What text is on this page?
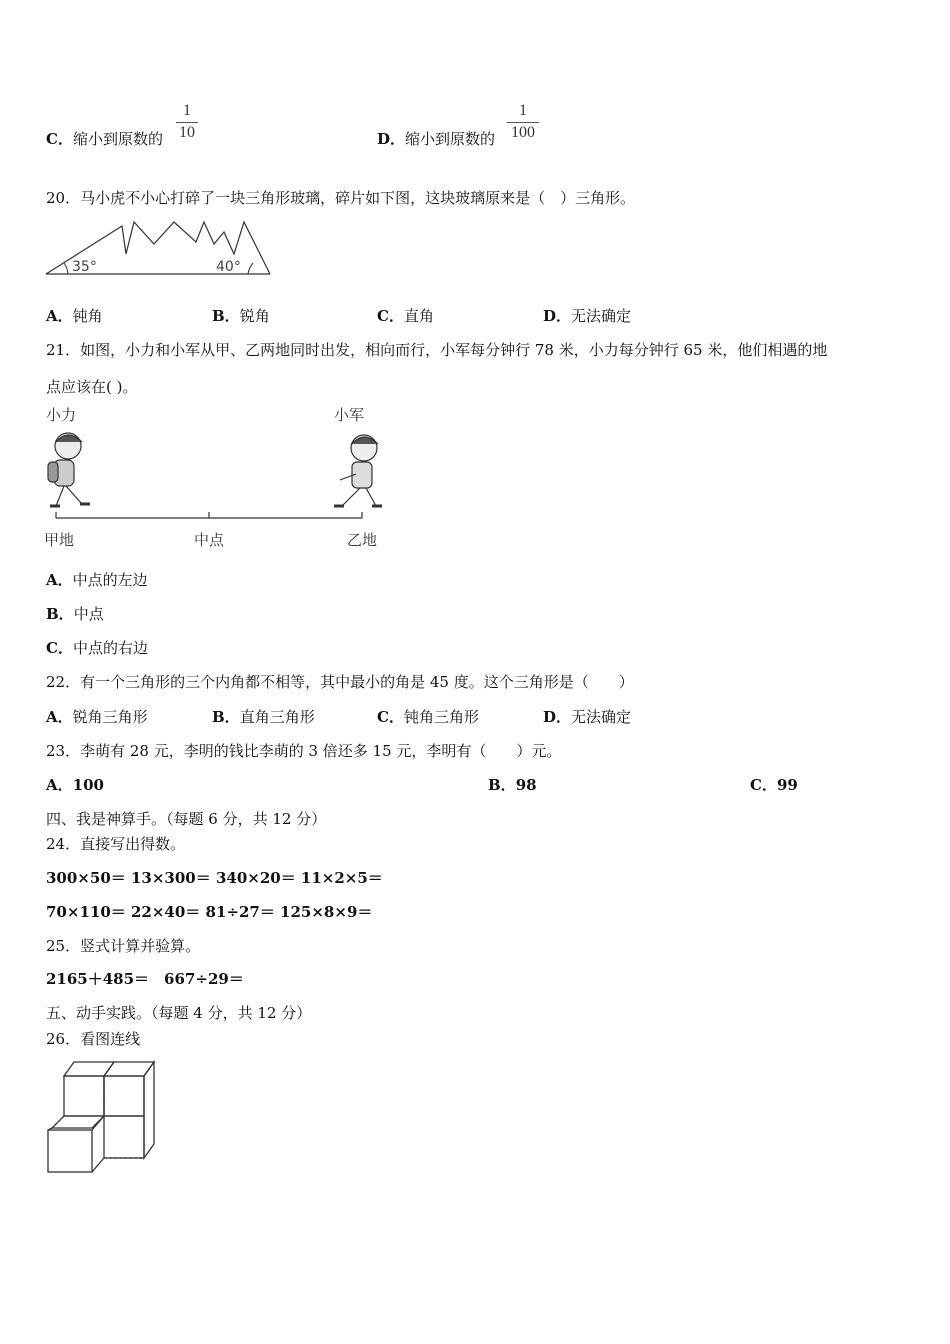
C．缩小到原数的
1
10	D．缩小到原数的
1
100
20．马小虎不小心打碎了一块三角形玻璃，碎片如下图，这块玻璃原来是（　）三角形。
35°	40°
A．钝角	B．锐角	C．直角	D．无法确定
21．如图，小力和小军从甲、乙两地同时出发，相向而行，小军每分钟行 78 米，小力每分钟行 65 米，他们相遇的地
点应该在( )。
小力	小军
甲地	中点	乙地
A．中点的左边
B．中点
C．中点的右边
22．有一个三角形的三个内角都不相等，其中最小的角是 45 度。这个三角形是（　　）
A．锐角三角形	B．直角三角形	C．钝角三角形	D．无法确定
23．李萌有 28 元，李明的钱比李萌的 3 倍还多 15 元，李明有（　　）元。
A．100	B．98	C．99
四、我是神算手。（每题 6 分，共 12 分）
24．直接写出得数。
300×50＝ 13×300＝ 340×20＝ 11×2×5＝
70×110＝ 22×40＝ 81÷27＝ 125×8×9＝
25．竖式计算并验算。
2165＋485＝　667÷29＝
五、动手实践。（每题 4 分，共 12 分）
26．看图连线
